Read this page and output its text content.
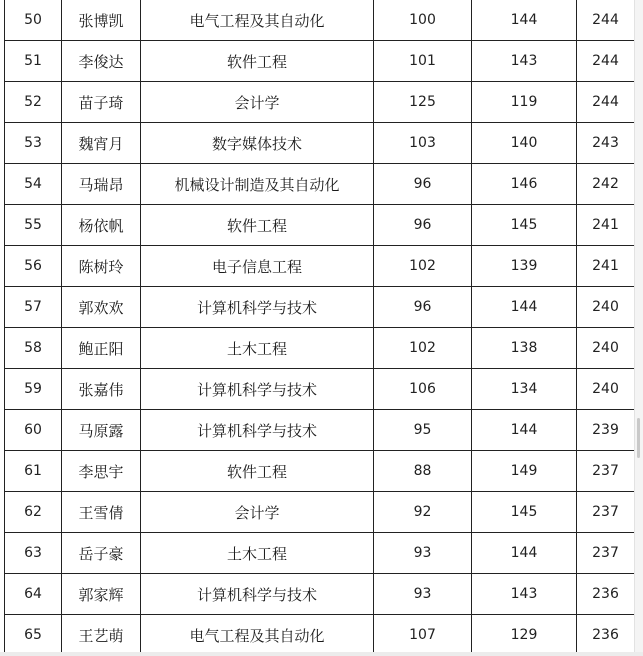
50	张博凯	电气工程及其自动化	100	144	244
51	李俊达	软件工程	101	143	244
52	苗子琦	会计学	125	119	244
53	魏宵月	数字媒体技术	103	140	243
54	马瑞昂	机械设计制造及其自动化	96	146	242
55	杨依帆	软件工程	96	145	241
56	陈树玲	电子信息工程	102	139	241
57	郭欢欢	计算机科学与技术	96	144	240
58	鲍正阳	土木工程	102	138	240
59	张嘉伟	计算机科学与技术	106	134	240
60	马原露	计算机科学与技术	95	144	239
61	李思宇	软件工程	88	149	237
62	王雪倩	会计学	92	145	237
63	岳子豪	土木工程	93	144	237
64	郭家辉	计算机科学与技术	93	143	236
65	王艺萌	电气工程及其自动化	107	129	236
